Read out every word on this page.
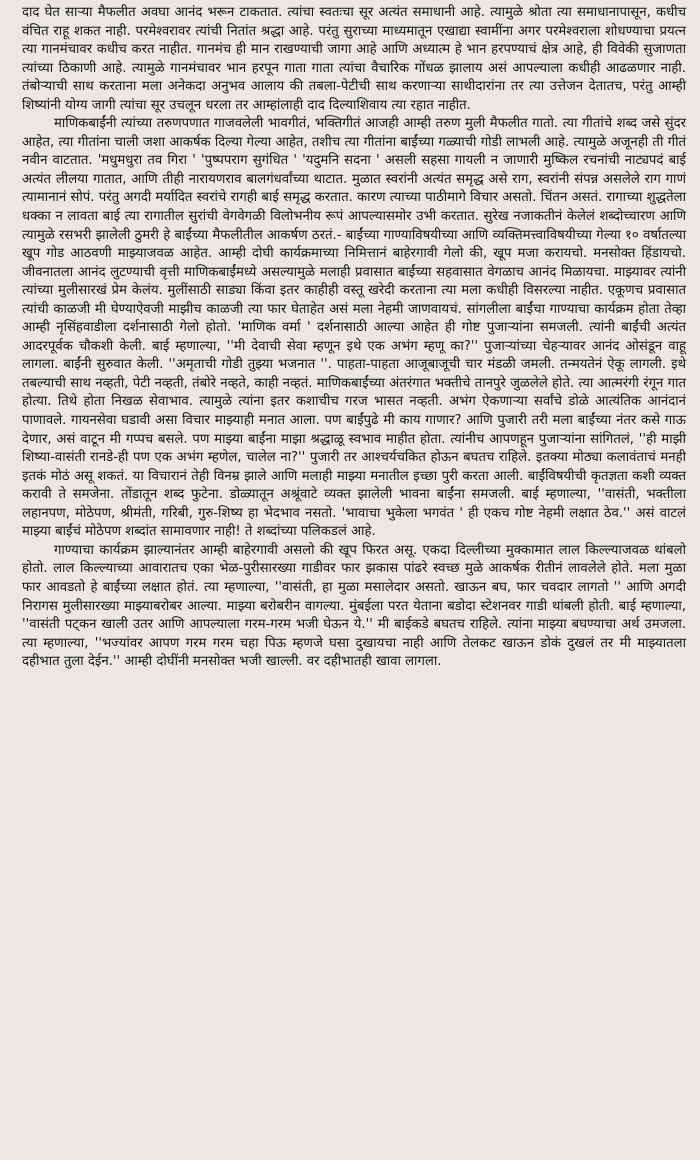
दाद घेत साऱ्या मैफलीत अवघा आनंद भरून टाकतात. त्यांचा स्वतःचा सूर अत्यंत समाधानी आहे. त्यामुळे श्रोता त्या समाधानापासून, कधीच वंचित राहू शकत नाही. परमेश्वरावर त्यांची नितांत श्रद्धा आहे. परंतु सुराच्या माध्यमातून एखाद्या स्वामींना अगर परमेश्वराला शोधण्याचा प्रयत्न त्या गानमंचावर कधीच करत नाहीत. गानमंच ही मान राखण्याची जागा आहे आणि अध्यात्म हे भान हरपण्याचं क्षेत्र आहे, ही विवेकी सुजाणता त्यांच्या ठिकाणी आहे. त्यामुळे गानमंचावर भान हरपून गाता गाता त्यांचा वैचारिक गोंधळ झालाय असं आपल्याला कधीही आढळणार नाही. तंबोऱ्याची साथ करताना मला अनेकदा अनुभव आलाय की तबला-पेटीची साथ करणाऱ्या साथीदारांना तर त्या उत्तेजन देतातच, परंतु आम्ही शिष्यांनी योग्य जागी त्यांचा सूर उचलून धरला तर आम्हांलाही दाद दिल्याशिवाय त्या रहात नाहीत.

माणिकबाईंनी त्यांच्या तरुणपणात गाजवलेली भावगीतं, भक्तिगीतं आजही आम्ही तरुण मुली मैफलीत गातो. त्या गीतांचे शब्द जसे सुंदर आहेत, त्या गीतांना चाली जशा आकर्षक दिल्या गेल्या आहेत, तशीच त्या गीतांना बाईंच्या गळ्याची गोडी लाभली आहे. त्यामुळे अजूनही ती गीतं नवीन वाटतात. 'मधुमधुरा तव गिरा ' 'पुष्पपराग सुगंधित ' 'यदुमनि सदना ' असली सहसा गायली न जाणारी मुष्किल रचनांची नाट्यपदं बाई अत्यंत लीलया गातात, आणि तीही नारायणराव बालगंधर्वांच्या थाटात. मुळात स्वरांनी अत्यंत समृद्ध असे राग, स्वरांनी संपन्न असलेले राग गाणं त्यामानानं सोपं. परंतु अगदी मर्यादित स्वरांचे रागही बाई समृद्ध करतात. कारण त्याच्या पाठीमागे विचार असतो. चिंतन असतं. रागाच्या शुद्धतेला धक्का न लावता बाई त्या रागातील सुरांची वेगवेगळी विलोभनीय रूपं आपल्यासमोर उभी करतात. सुरेख नजाकतीनं केलेलं शब्दोच्चारण आणि त्यामुळे रसभरी झालेली ठुमरी हे बाईंच्या मैफलीतील आकर्षण ठरतं.- बाईंच्या गाण्याविषयीच्या आणि व्यक्तिमत्त्वाविषयीच्या गेल्या १० वर्षातल्या खूप गोड आठवणी माझ्याजवळ आहेत. आम्ही दोघी कार्यक्रमाच्या निमित्तानं बाहेरगावी गेलो की, खूप मजा करायचो. मनसोक्त हिंडायचो. जीवनातला आनंद लुटण्याची वृत्ती माणिकबाईंमध्ये असल्यामुळे मलाही प्रवासात बाईंच्या सहवासात वेगळाच आनंद मिळायचा. माझ्यावर त्यांनी त्यांच्या मुलीसारखं प्रेम केलंय. मुलींसाठी साड्या किंवा इतर काहीही वस्तू खरेदी करताना त्या मला कधीही विसरल्या नाहीत. एकूणच प्रवासात त्यांची काळजी मी घेण्याऐवजी माझीच काळजी त्या फार घेताहेत असं मला नेहमी जाणवायचं. सांगलीला बाईंचा गाण्याचा कार्यक्रम होता तेव्हा आम्ही नृसिंहवाडीला दर्शनासाठी गेलो होतो. 'माणिक वर्मा ' दर्शनासाठी आल्या आहेत ही गोष्ट पुजाऱ्यांना समजली. त्यांनी बाईंची अत्यंत आदरपूर्वक चौकशी केली. बाई म्हणाल्या, ''मी देवाची सेवा म्हणून इथे एक अभंग म्हणू का?'' पुजाऱ्यांच्या चेहऱ्यावर आनंद ओसंडून वाहू लागला. बाईंनी सुरुवात केली. ''अमृताची गोडी तुझ्या भजनात ''. पाहता-पाहता आजूबाजूची चार मंडळी जमली. तन्मयतेनं ऐकू लागली. इथे तबल्याची साथ नव्हती, पेटी नव्हती, तंबोरे नव्हते, काही नव्हतं. माणिकबाईंच्या अंतरंगात भक्तीचे तानपुरे जुळलेले होते. त्या आत्मरंगी रंगून गात होत्या. तिथे होता निखळ सेवाभाव. त्यामुळे त्यांना इतर कशाचीच गरज भासत नव्हती. अभंग ऐकणाऱ्या सर्वांचे डोळे आत्यंतिक आनंदानं पाणावले. गायनसेवा घडावी असा विचार माझ्याही मनात आला. पण बाईंपुढे मी काय गाणार? आणि पुजारी तरी मला बाईंच्या नंतर कसे गाऊ देणार, असं वाटून मी गप्पच बसले. पण माझ्या बाईंना माझा श्रद्धाळू स्वभाव माहीत होता. त्यांनीच आपणहून पुजाऱ्यांना सांगितलं, ''ही माझी शिष्या-वासंती रानडे-ही पण एक अभंग म्हणेल, चालेल ना?'' पुजारी तर आश्चर्यचकित होऊन बघतच राहिले. इतक्या मोठ्या कलावंताचं मनही इतकं मोठं असू शकतं. या विचारानं तेही विनम्र झाले आणि मलाही माझ्या मनातील इच्छा पुरी करता आली. बाईंविषयीची कृतज्ञता कशी व्यक्त करावी ते समजेना. तोंडातून शब्द फुटेना. डोळ्यातून अश्रूंवाटे व्यक्त झालेली भावना बाईंना समजली. बाई म्हणाल्या, ''वासंती, भक्तीला लहानपण, मोठेपण, श्रीमंती, गरिबी, गुरु-शिष्य हा भेदभाव नसतो. 'भावाचा भुकेला भगवंत ' ही एकच गोष्ट नेहमी लक्षात ठेव.'' असं वाटलं माझ्या बाईंचं मोठेपण शब्दांत सामावणार नाही! ते शब्दांच्या पलिकडलं आहे.

गाण्याचा कार्यक्रम झाल्यानंतर आम्ही बाहेरगावी असलो की खूप फिरत असू. एकदा दिल्लीच्या मुक्कामात लाल किल्ल्याजवळ थांबलो होतो. लाल किल्ल्याच्या आवारातच एका भेळ-पुरीसारख्या गाडीवर फार झकास पांढरे स्वच्छ मुळे आकर्षक रीतीनं लावलेले होते. मला मुळा फार आवडतो हे बाईंच्या लक्षात होतं. त्या म्हणाल्या, ''वासंती, हा मुळा मसालेदार असतो. खाऊन बघ, फार चवदार लागतो '' आणि अगदी निरागस मुलीसारख्या माझ्याबरोबर आल्या. माझ्या बरोबरीन वागल्या. मुंबईला परत येताना बडोदा स्टेशनवर गाडी थांबली होती. बाई म्हणाल्या, ''वासंती पट्कन खाली उतर आणि आपल्याला गरम-गरम भजी घेऊन ये.'' मी बाईकडे बघतच राहिले. त्यांना माझ्या बघण्याचा अर्थ उमजला. त्या म्हणाल्या, ''भज्यांवर आपण गरम गरम चहा पिऊ म्हणजे घसा दुखायचा नाही आणि तेलकट खाऊन डोकं दुखलं तर मी माझ्यातला दहीभात तुला देईन.'' आम्ही दोघींनी मनसोक्त भजी खाल्ली. वर दहीभातही खावा लागला.
